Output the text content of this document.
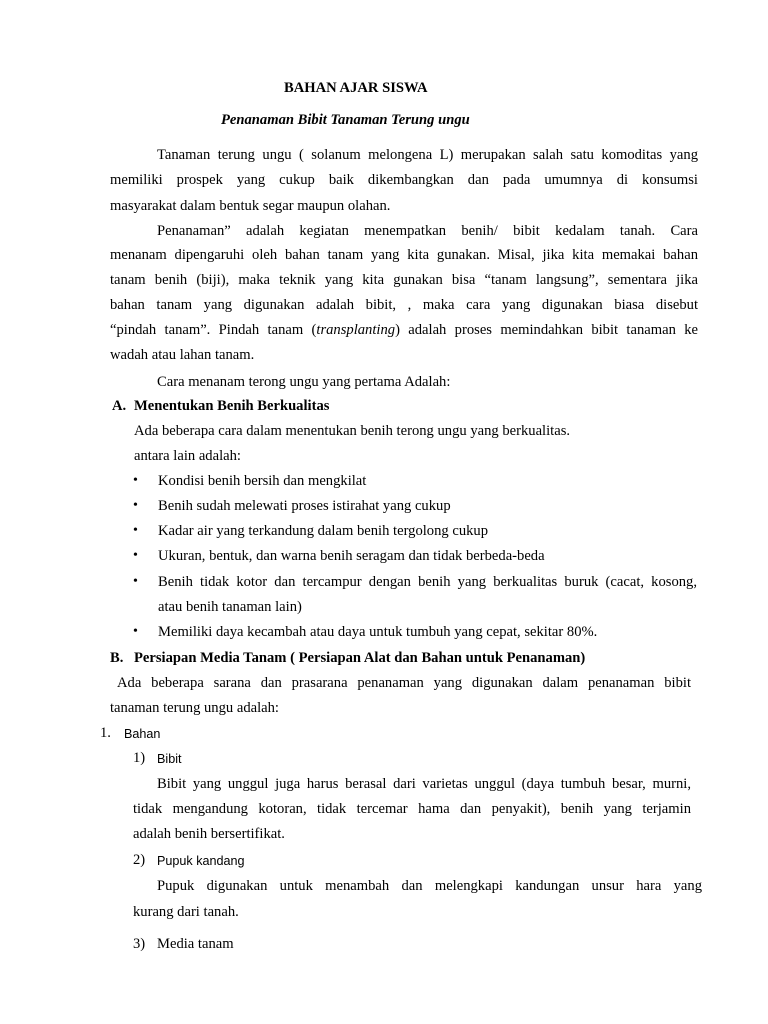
BAHAN AJAR SISWA
Penanaman Bibit Tanaman Terung ungu
Tanaman terung ungu ( solanum melongena L) merupakan salah satu komoditas yang
memiliki prospek yang cukup baik dikembangkan dan pada umumnya di konsumsi
masyarakat dalam bentuk segar maupun olahan.
Penanaman” adalah kegiatan menempatkan benih/ bibit kedalam tanah. Cara
menanam dipengaruhi oleh bahan tanam yang kita gunakan. Misal, jika kita memakai bahan
tanam benih (biji), maka teknik yang kita gunakan bisa “tanam langsung”, sementara jika
bahan tanam yang digunakan adalah bibit, , maka cara yang digunakan biasa disebut
“pindah tanam”. Pindah tanam (transplanting) adalah proses memindahkan bibit tanaman ke
wadah atau lahan tanam.
Cara menanam terong ungu yang pertama Adalah:
A. Menentukan Benih Berkualitas
Ada beberapa cara dalam menentukan benih terong ungu yang berkualitas.
antara lain adalah:
• Kondisi benih bersih dan mengkilat
• Benih sudah melewati proses istirahat yang cukup
• Kadar air yang terkandung dalam benih tergolong cukup
• Ukuran, bentuk, dan warna benih seragam dan tidak berbeda-beda
• Benih tidak kotor dan tercampur dengan benih yang berkualitas buruk (cacat, kosong,
atau benih tanaman lain)
• Memiliki daya kecambah atau daya untuk tumbuh yang cepat, sekitar 80%.
B. Persiapan Media Tanam ( Persiapan Alat dan Bahan untuk Penanaman)
Ada beberapa sarana dan prasarana penanaman yang digunakan dalam penanaman bibit
tanaman terung ungu adalah:
1. Bahan
1) Bibit
Bibit yang unggul juga harus berasal dari varietas unggul (daya tumbuh besar, murni,
tidak mengandung kotoran, tidak tercemar hama dan penyakit), benih yang terjamin
adalah benih bersertifikat.
2) Pupuk kandang
Pupuk digunakan untuk menambah dan melengkapi kandungan unsur hara yang
kurang dari tanah.
3) Media tanam
